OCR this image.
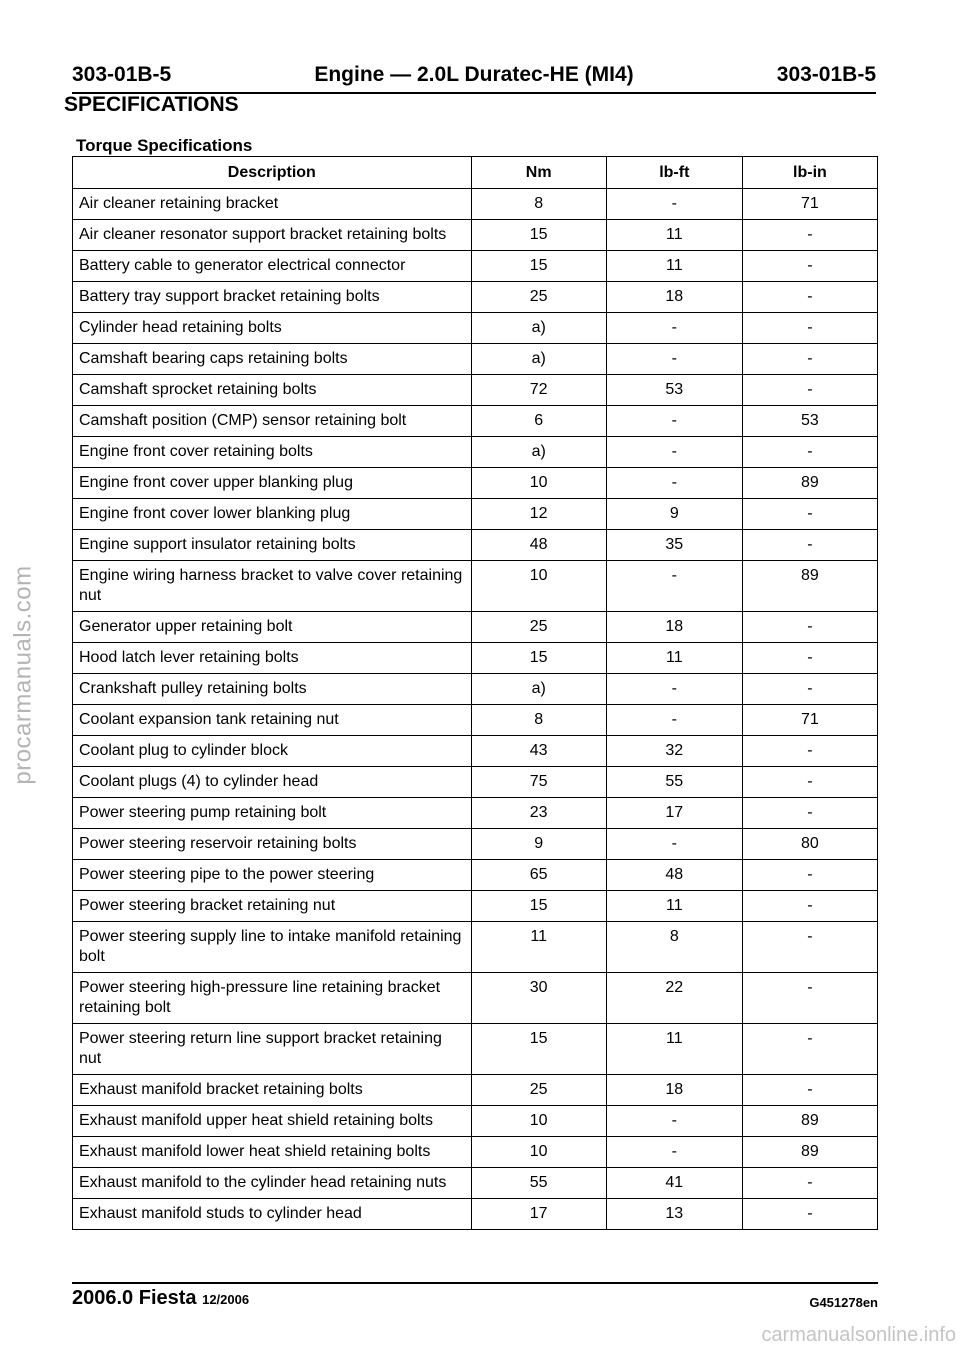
303-01B-5	Engine — 2.0L Duratec-HE (MI4)	303-01B-5
SPECIFICATIONS
Torque Specifications
Description	Nm	lb-ft	lb-in
Air cleaner retaining bracket	8	-	71
Air cleaner resonator support bracket retaining bolts	15	11	-
Battery cable to generator electrical connector	15	11	-
Battery tray support bracket retaining bolts	25	18	-
Cylinder head retaining bolts	a)	-	-
Camshaft bearing caps retaining bolts	a)	-	-
Camshaft sprocket retaining bolts	72	53	-
Camshaft position (CMP) sensor retaining bolt	6	-	53
Engine front cover retaining bolts	a)	-	-
Engine front cover upper blanking plug	10	-	89
Engine front cover lower blanking plug	12	9	-
Engine support insulator retaining bolts	48	35	-
Engine wiring harness bracket to valve cover retaining nut	10	-	89
Generator upper retaining bolt	25	18	-
Hood latch lever retaining bolts	15	11	-
Crankshaft pulley retaining bolts	a)	-	-
Coolant expansion tank retaining nut	8	-	71
Coolant plug to cylinder block	43	32	-
Coolant plugs (4) to cylinder head	75	55	-
Power steering pump retaining bolt	23	17	-
Power steering reservoir retaining bolts	9	-	80
Power steering pipe to the power steering	65	48	-
Power steering bracket retaining nut	15	11	-
Power steering supply line to intake manifold retaining bolt	11	8	-
Power steering high-pressure line retaining bracket retaining bolt	30	22	-
Power steering return line support bracket retaining nut	15	11	-
Exhaust manifold bracket retaining bolts	25	18	-
Exhaust manifold upper heat shield retaining bolts	10	-	89
Exhaust manifold lower heat shield retaining bolts	10	-	89
Exhaust manifold to the cylinder head retaining nuts	55	41	-
Exhaust manifold studs to cylinder head	17	13	-
2006.0 Fiesta 12/2006	G451278en
procarmanuals.com
carmanualsonline.info
